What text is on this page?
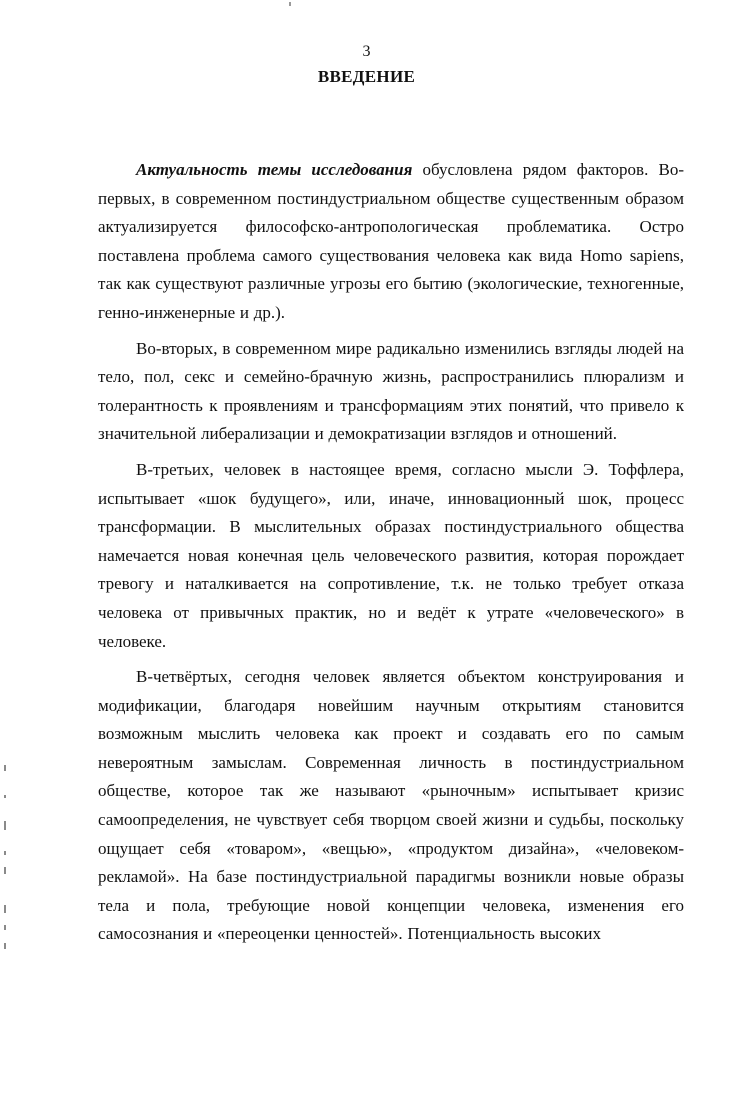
3
ВВЕДЕНИЕ

Актуальность темы исследования обусловлена рядом факторов. Во-первых, в современном постиндустриальном обществе существенным образом актуализируется философско-антропологическая проблематика. Остро поставлена проблема самого существования человека как вида Homo sapiens, так как существуют различные угрозы его бытию (экологические, техногенные, генно-инженерные и др.).

Во-вторых, в современном мире радикально изменились взгляды людей на тело, пол, секс и семейно-брачную жизнь, распространились плюрализм и толерантность к проявлениям и трансформациям этих понятий, что привело к значительной либерализации и демократизации взглядов и отношений.

В-третьих, человек в настоящее время, согласно мысли Э. Тоффлера, испытывает «шок будущего», или, иначе, инновационный шок, процесс трансформации. В мыслительных образах постиндустриального общества намечается новая конечная цель человеческого развития, которая порождает тревогу и наталкивается на сопротивление, т.к. не только требует отказа человека от привычных практик, но и ведёт к утрате «человеческого» в человеке.

В-четвёртых, сегодня человек является объектом конструирования и модификации, благодаря новейшим научным открытиям становится возможным мыслить человека как проект и создавать его по самым невероятным замыслам. Современная личность в постиндустриальном обществе, которое так же называют «рыночным» испытывает кризис самоопределения, не чувствует себя творцом своей жизни и судьбы, поскольку ощущает себя «товаром», «вещью», «продуктом дизайна», «человеком-рекламой». На базе постиндустриальной парадигмы возникли новые образы тела и пола, требующие новой концепции человека, изменения его самосознания и «переоценки ценностей». Потенциальность высоких
